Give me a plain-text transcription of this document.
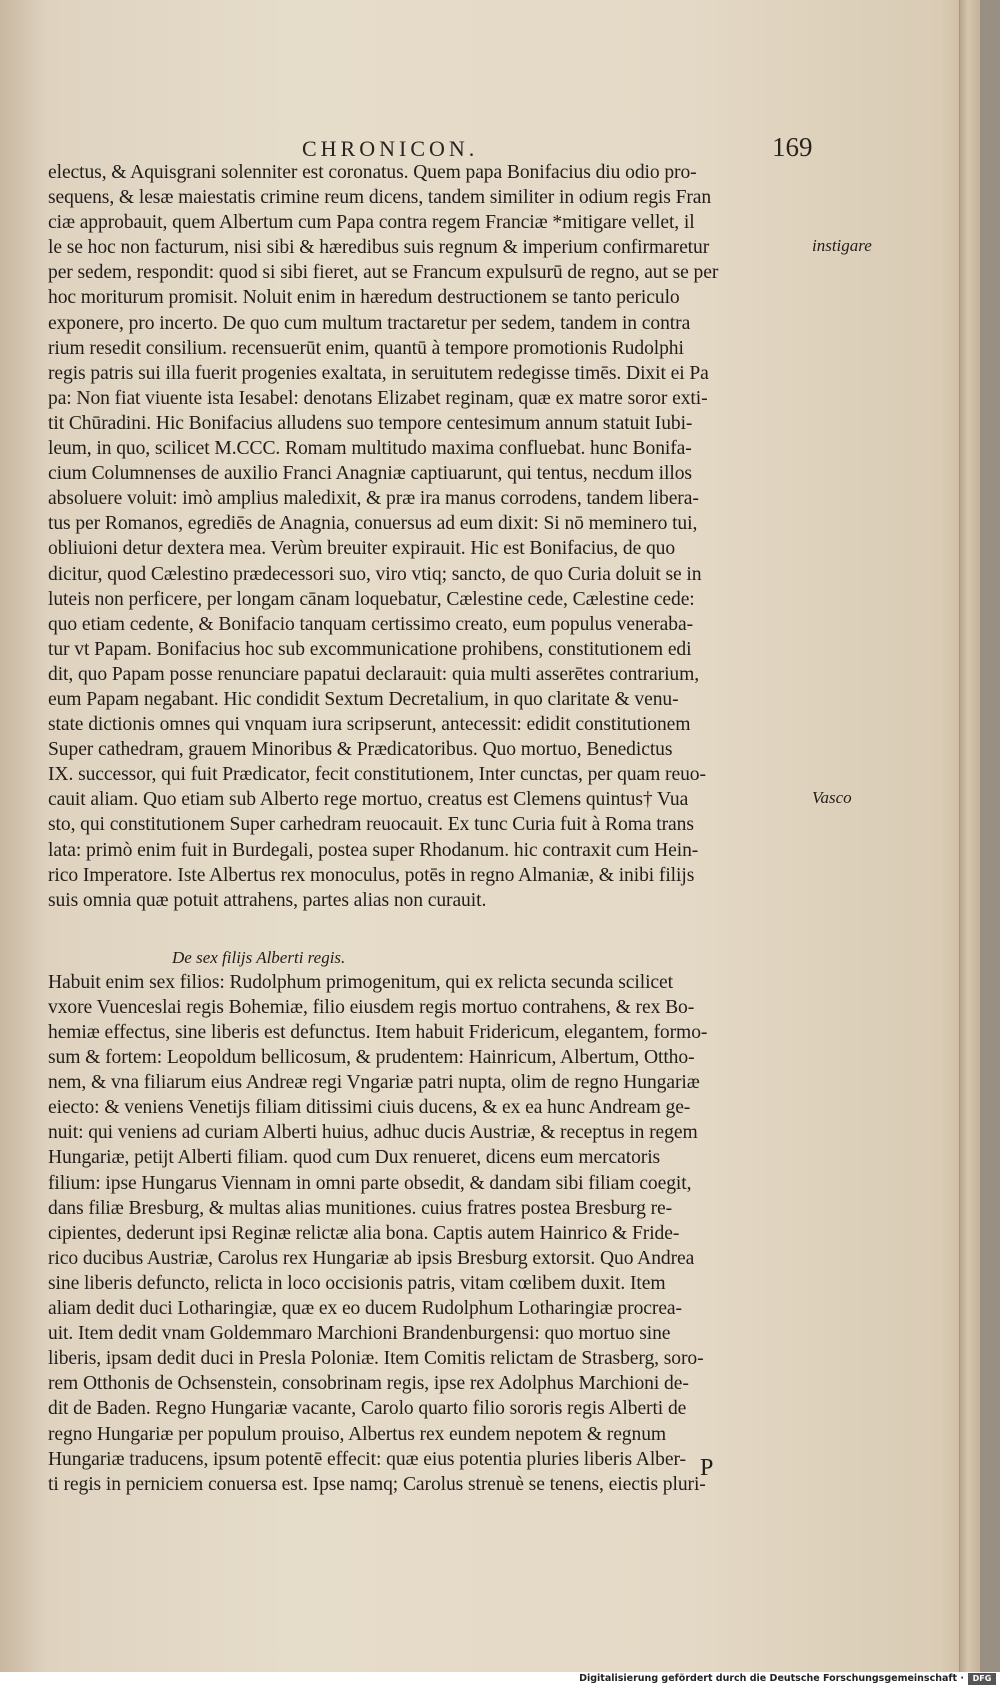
CHRONICON.	169
electus, & Aquisgrani solenniter est coronatus. Quem papa Bonifacius diu odio pro-
sequens, & lesæ maiestatis crimine reum dicens, tandem similiter in odium regis Fran
ciæ approbauit, quem Albertum cum Papa contra regem Franciæ *mitigare vellet, il
le se hoc non facturum, nisi sibi & hæredibus suis regnum & imperium confirmaretur
per sedem, respondit: quod si sibi fieret, aut se Francum expulsurū de regno, aut se per
hoc moriturum promisit. Noluit enim in hæredum destructionem se tanto periculo
exponere, pro incerto. De quo cum multum tractaretur per sedem, tandem in contra
rium resedit consilium. recensuerūt enim, quantū à tempore promotionis Rudolphi
regis patris sui illa fuerit progenies exaltata, in seruitutem redegisse timēs. Dixit ei Pa
pa: Non fiat viuente ista Iesabel: denotans Elizabet reginam, quæ ex matre soror exti-
tit Chūradini. Hic Bonifacius alludens suo tempore centesimum annum statuit Iubi-
leum, in quo, scilicet M.CCC. Romam multitudo maxima confluebat. hunc Bonifa-
cium Columnenses de auxilio Franci Anagniæ captiuarunt, qui tentus, necdum illos
absoluere voluit: imò amplius maledixit, & præ ira manus corrodens, tandem libera-
tus per Romanos, egrediēs de Anagnia, conuersus ad eum dixit: Si nō meminero tui,
obliuioni detur dextera mea. Verùm breuiter expirauit. Hic est Bonifacius, de quo
dicitur, quod Cælestino prædecessori suo, viro vtiq; sancto, de quo Curia doluit se in
luteis non perficere, per longam cānam loquebatur, Cælestine cede, Cælestine cede:
quo etiam cedente, & Bonifacio tanquam certissimo creato, eum populus veneraba-
tur vt Papam. Bonifacius hoc sub excommunicatione prohibens, constitutionem edi
dit, quo Papam posse renunciare papatui declarauit: quia multi asserētes contrarium,
eum Papam negabant. Hic condidit Sextum Decretalium, in quo claritate & venu-
state dictionis omnes qui vnquam iura scripserunt, antecessit: edidit constitutionem
Super cathedram, grauem Minoribus & Prædicatoribus. Quo mortuo, Benedictus
IX. successor, qui fuit Prædicator, fecit constitutionem, Inter cunctas, per quam reuo-
cauit aliam. Quo etiam sub Alberto rege mortuo, creatus est Clemens quintus† Vua
sto, qui constitutionem Super carhedram reuocauit. Ex tunc Curia fuit à Roma trans
lata: primò enim fuit in Burdegali, postea super Rhodanum. hic contraxit cum Hein-
rico Imperatore. Iste Albertus rex monoculus, potēs in regno Almaniæ, & inibi filijs
suis omnia quæ potuit attrahens, partes alias non curauit.
De sex filijs Alberti regis.
Habuit enim sex filios: Rudolphum primogenitum, qui ex relicta secunda scilicet
vxore Vuenceslai regis Bohemiæ, filio eiusdem regis mortuo contrahens, & rex Bo-
hemiæ effectus, sine liberis est defunctus. Item habuit Fridericum, elegantem, formo-
sum & fortem: Leopoldum bellicosum, & prudentem: Hainricum, Albertum, Ottho-
nem, & vna filiarum eius Andreæ regi Vngariæ patri nupta, olim de regno Hungariæ
eiecto: & veniens Venetijs filiam ditissimi ciuis ducens, & ex ea hunc Andream ge-
nuit: qui veniens ad curiam Alberti huius, adhuc ducis Austriæ, & receptus in regem
Hungariæ, petijt Alberti filiam. quod cum Dux renueret, dicens eum mercatoris
filium: ipse Hungarus Viennam in omni parte obsedit, & dandam sibi filiam coegit,
dans filiæ Bresburg, & multas alias munitiones. cuius fratres postea Bresburg re-
cipientes, dederunt ipsi Reginæ relictæ alia bona. Captis autem Hainrico & Fride-
rico ducibus Austriæ, Carolus rex Hungariæ ab ipsis Bresburg extorsit. Quo Andrea
sine liberis defuncto, relicta in loco occisionis patris, vitam cœlibem duxit. Item
aliam dedit duci Lotharingiæ, quæ ex eo ducem Rudolphum Lotharingiæ procrea-
uit. Item dedit vnam Goldemmaro Marchioni Brandenburgensi: quo mortuo sine
liberis, ipsam dedit duci in Presla Poloniæ. Item Comitis relictam de Strasberg, soro-
rem Otthonis de Ochsenstein, consobrinam regis, ipse rex Adolphus Marchioni de-
dit de Baden. Regno Hungariæ vacante, Carolo quarto filio sororis regis Alberti de
regno Hungariæ per populum prouiso, Albertus rex eundem nepotem & regnum
Hungariæ traducens, ipsum potentē effecit: quæ eius potentia pluries liberis Alber-
ti regis in perniciem conuersa est. Ipse namq; Carolus strenuè se tenens, eiectis pluri-
instigare
Vasco
P
Digitalisierung gefördert durch die Deutsche Forschungsgemeinschaft ·	DFG
